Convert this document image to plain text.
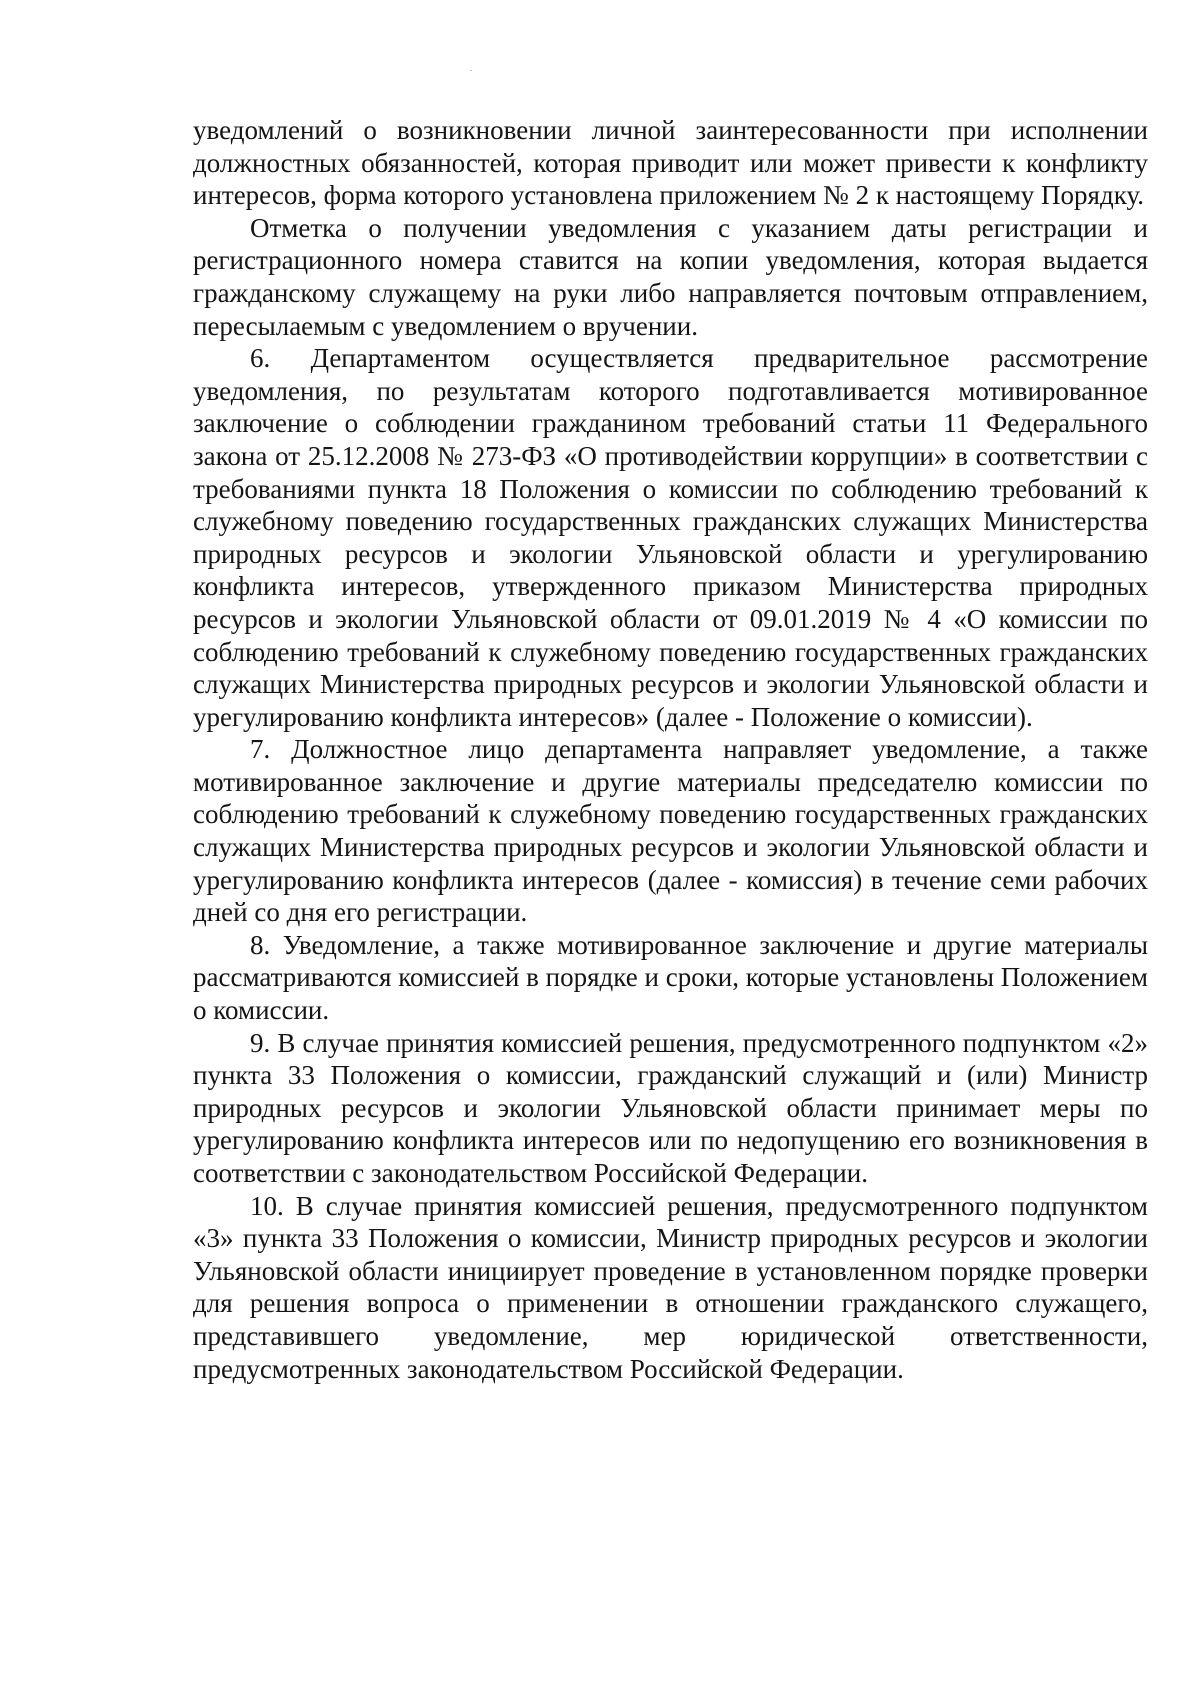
уведомлений о возникновении личной заинтересованности при исполнении должностных обязанностей, которая приводит или может привести к конфликту интересов, форма которого установлена приложением № 2 к настоящему Порядку.

Отметка о получении уведомления с указанием даты регистрации и регистрационного номера ставится на копии уведомления, которая выдается гражданскому служащему на руки либо направляется почтовым отправлением, пересылаемым с уведомлением о вручении.

6. Департаментом осуществляется предварительное рассмотрение уведомления, по результатам которого подготавливается мотивированное заключение о соблюдении гражданином требований статьи 11 Федерального закона от 25.12.2008 № 273-ФЗ «О противодействии коррупции» в соответствии с требованиями пункта 18 Положения о комиссии по соблюдению требований к служебному поведению государственных гражданских служащих Министерства природных ресурсов и экологии Ульяновской области и урегулированию конфликта интересов, утвержденного приказом Министерства природных ресурсов и экологии Ульяновской области от 09.01.2019 № 4 «О комиссии по соблюдению требований к служебному поведению государственных гражданских служащих Министерства природных ресурсов и экологии Ульяновской области и урегулированию конфликта интересов» (далее - Положение о комиссии).

7. Должностное лицо департамента направляет уведомление, а также мотивированное заключение и другие материалы председателю комиссии по соблюдению требований к служебному поведению государственных гражданских служащих Министерства природных ресурсов и экологии Ульяновской области и урегулированию конфликта интересов (далее - комиссия) в течение семи рабочих дней со дня его регистрации.

8. Уведомление, а также мотивированное заключение и другие материалы рассматриваются комиссией в порядке и сроки, которые установлены Положением о комиссии.

9. В случае принятия комиссией решения, предусмотренного подпунктом «2» пункта 33 Положения о комиссии, гражданский служащий и (или) Министр природных ресурсов и экологии Ульяновской области принимает меры по урегулированию конфликта интересов или по недопущению его возникновения в соответствии с законодательством Российской Федерации.

10. В случае принятия комиссией решения, предусмотренного подпунктом «3» пункта 33 Положения о комиссии, Министр природных ресурсов и экологии Ульяновской области инициирует проведение в установленном порядке проверки для решения вопроса о применении в отношении гражданского служащего, представившего уведомление, мер юридической ответственности, предусмотренных законодательством Российской Федерации.
